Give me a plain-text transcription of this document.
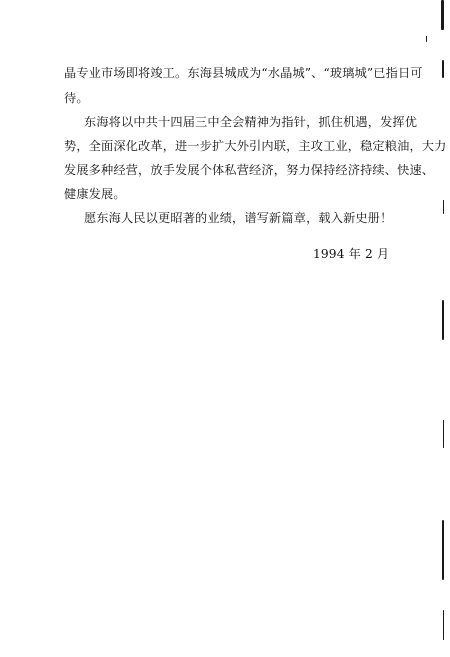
晶专业市场即将竣工。东海县城成为“水晶城”、“玻璃城”已指日可
待。
东海将以中共十四届三中全会精神为指针，抓住机遇，发挥优
势，全面深化改革，进一步扩大外引内联，主攻工业，稳定粮油，大力
发展多种经营，放手发展个体私营经济，努力保持经济持续、快速、
健康发展。
愿东海人民以更昭著的业绩，谱写新篇章，载入新史册！
1994 年 2 月
